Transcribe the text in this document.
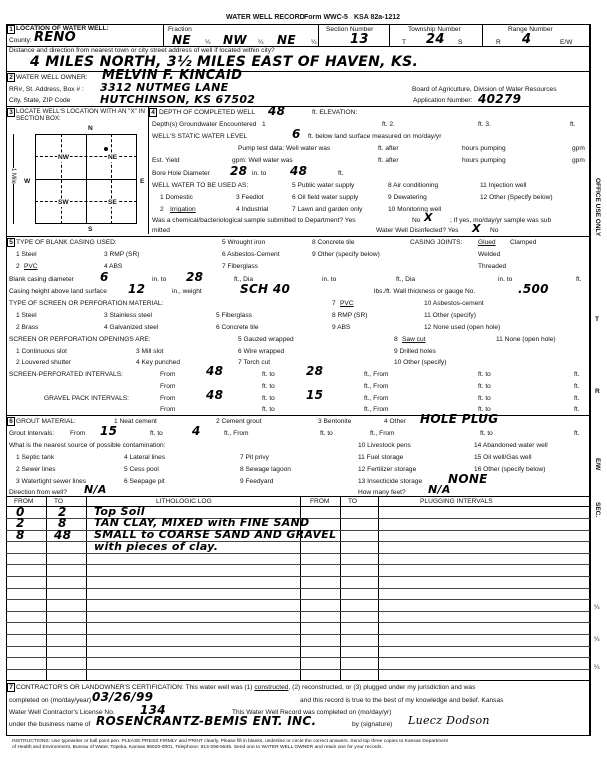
WATER WELL RECORD Form WWC-5 KSA 82a-1212
1 LOCATION OF WATER WELL:
County: RENO
Fraction
NE ¼ NW ¼ NE ¼
Section Number
13
Township Number
T 24 S
Range Number
R 4	E/W
Distance and direction from nearest town or city street address of well if located within city?
4 MILES NORTH, 3½ MILES EAST OF HAVEN, KS.
2 WATER WELL OWNER: MELVIN F. KINCAID
RR#, St. Address, Box # : 3312 NUTMEG LANE	Board of Agriculture, Division of Water Resources
City, State, ZIP Code	HUTCHINSON, KS 67502	Application Number: 40279
3 LOCATE WELL'S LOCATION WITH AN "X" IN SECTION BOX:
N
S
W	E
NW	NE
SW	SE
1 Mile
4 DEPTH OF COMPLETED WELL 48	ft. ELEVATION:
Depth(s) Groundwater Encountered 1	ft. 2.	ft. 3.	ft.
WELL'S STATIC WATER LEVEL	6 ft. below land surface measured on mo/day/yr
Pump test data: Well water was	ft. after	hours pumping	gpm
Est. Yield	gpm: Well water was	ft. after	hours pumping	gpm
Bore Hole Diameter 28 in. to 48	ft.
WELL WATER TO BE USED AS:	5 Public water supply	8 Air conditioning	11 Injection well
1 Domestic	3 Feedlot	6 Oil field water supply	9 Dewatering	12 Other (Specify below)
2 Irrigation	4 Industrial	7 Lawn and garden only	10 Monitoring well
Was a chemical/bacteriological sample submitted to Department? Yes	No X	; If yes, mo/day/yr sample was sub
mitted	Water Well Disinfected? Yes X No
5 TYPE OF BLANK CASING USED:	5 Wrought iron	8 Concrete tile	CASING JOINTS: Glued Clamped
1 Steel	3 RMP (SR)	6 Asbestos-Cement	9 Other (specify below)	Welded
2 PVC	4 ABS	7 Fiberglass	Threaded
Blank casing diameter 6	in. to 28	ft., Dia	in. to	ft., Dia	in. to	ft.
Casing height above land surface 12	in., weight	SCH 40	lbs./ft. Wall thickness or gauge No.	.500
TYPE OF SCREEN OR PERFORATION MATERIAL:	7 PVC	10 Asbestos-cement
1 Steel	3 Stainless steel	5 Fiberglass	8 RMP (SR)	11 Other (specify)
2 Brass	4 Galvanized steel	6 Concrete tile	9 ABS	12 None used (open hole)
SCREEN OR PERFORATION OPENINGS ARE:	5 Gauzed wrapped	8 Saw cut	11 None (open hole)
1 Continuous slot	3 Mill slot	6 Wire wrapped	9 Drilled holes
2 Louvered shutter	4 Key punched	7 Torch cut	10 Other (specify)
SCREEN-PERFORATED INTERVALS:	From	48	ft. to	28	ft., From	ft. to	ft.
From	ft. to	ft., From	ft. to	ft.
GRAVEL PACK INTERVALS:	From	48	ft. to	15	ft., From	ft. to	ft.
From	ft. to	ft., From	ft. to	ft.
6 GROUT MATERIAL:	1 Neat cement	2 Cement grout	3 Bentonite	4 Other HOLE PLUG
Grout Intervals: From 15	ft. to 4	ft., From	ft. to	ft., From	ft. to	ft.
What is the nearest source of possible contamination:	10 Livestock pens	14 Abandoned water well
1 Septic tank	4 Lateral lines	7 Pit privy	11 Fuel storage	15 Oil well/Gas well
2 Sewer lines	5 Cess pool	8 Sewage lagoon	12 Fertilizer storage	16 Other (specify below)
3 Watertight sewer lines	6 Seepage pit	9 Feedyard	13 Insecticide storage NONE
Direction from well? N/A	How many feet? N/A
FROM	TO	LITHOLOGIC LOG	FROM	TO	PLUGGING INTERVALS
0	2 Top Soil
2	8 TAN CLAY, MIXED with FINE SAND
8 48 SMALL to COARSE SAND AND GRAVEL
with pieces of clay.
7 CONTRACTOR'S OR LANDOWNER'S CERTIFICATION: This water well was (1) constructed, (2) reconstructed, or (3) plugged under my jurisdiction and was
completed on (mo/day/year) 03/26/99	and this record is true to the best of my knowledge and belief. Kansas
Water Well Contractor's License No. 134	This Water Well Record was completed on (mo/day/yr)
under the business name of ROSENCRANTZ-BEMIS ENT. INC.	by (signature) Luecz Dodson
INSTRUCTIONS: Use typewriter or ball point pen. PLEASE PRESS FIRMLY and PRINT clearly. Please fill in blanks, underline or circle the correct answers. Send top three copies to Kansas Department
of Health and Environment, Bureau of Water, Topeka, Kansas 66620-0001. Telephone: 913-296-5545. Send one to WATER WELL OWNER and retain one for your records.
OFFICE USE ONLY
T
R
E/W
SEC.
¼
¼
¼
